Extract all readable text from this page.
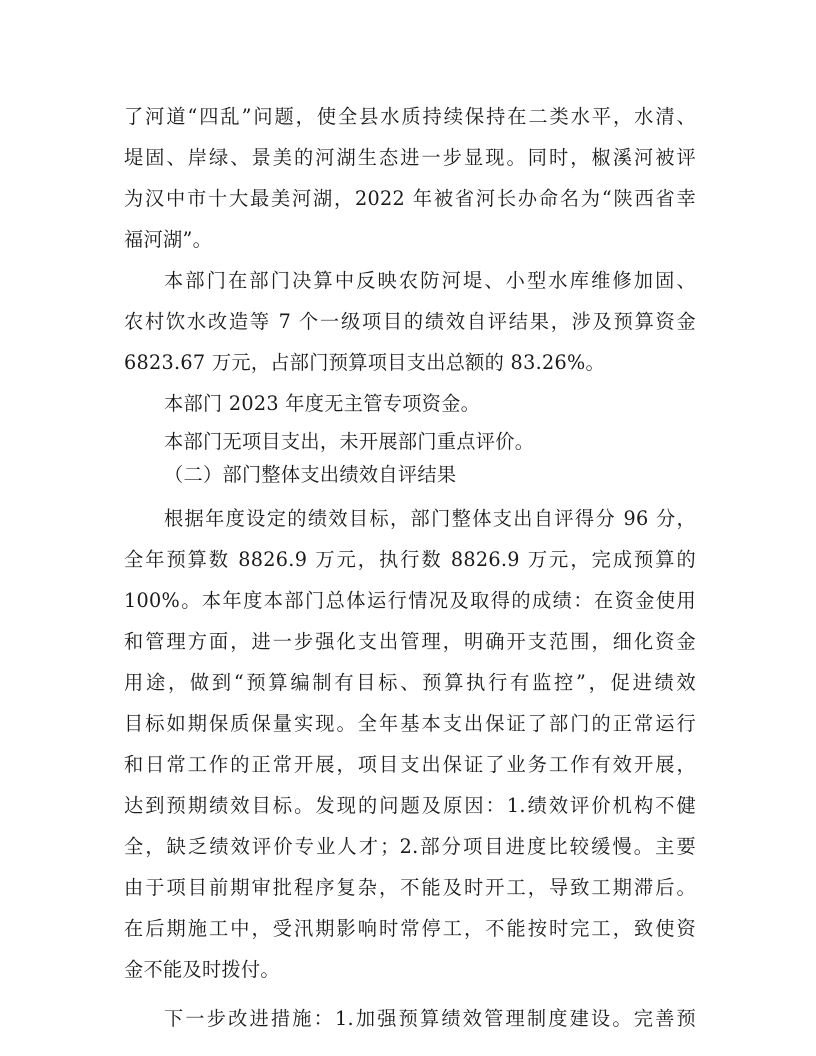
了河道“四乱”问题，使全县水质持续保持在二类水平，水清、
堤固、岸绿、景美的河湖生态进一步显现。同时，椒溪河被评
为汉中市十大最美河湖，2022 年被省河长办命名为“陕西省幸
福河湖”。
本部门在部门决算中反映农防河堤、小型水库维修加固、
农村饮水改造等 7 个一级项目的绩效自评结果，涉及预算资金
6823.67 万元，占部门预算项目支出总额的 83.26%。
本部门 2023 年度无主管专项资金。
本部门无项目支出，未开展部门重点评价。
（二）部门整体支出绩效自评结果
根据年度设定的绩效目标，部门整体支出自评得分 96 分，
全年预算数 8826.9 万元，执行数 8826.9 万元，完成预算的
100%。本年度本部门总体运行情况及取得的成绩：在资金使用
和管理方面，进一步强化支出管理，明确开支范围，细化资金
用途，做到“预算编制有目标、预算执行有监控”，促进绩效
目标如期保质保量实现。全年基本支出保证了部门的正常运行
和日常工作的正常开展，项目支出保证了业务工作有效开展，
达到预期绩效目标。发现的问题及原因：1.绩效评价机构不健
全，缺乏绩效评价专业人才；2.部分项目进度比较缓慢。主要
由于项目前期审批程序复杂，不能及时开工，导致工期滞后。
在后期施工中，受汛期影响时常停工，不能按时完工，致使资
金不能及时拨付。
下一步改进措施：1.加强预算绩效管理制度建设。完善预
